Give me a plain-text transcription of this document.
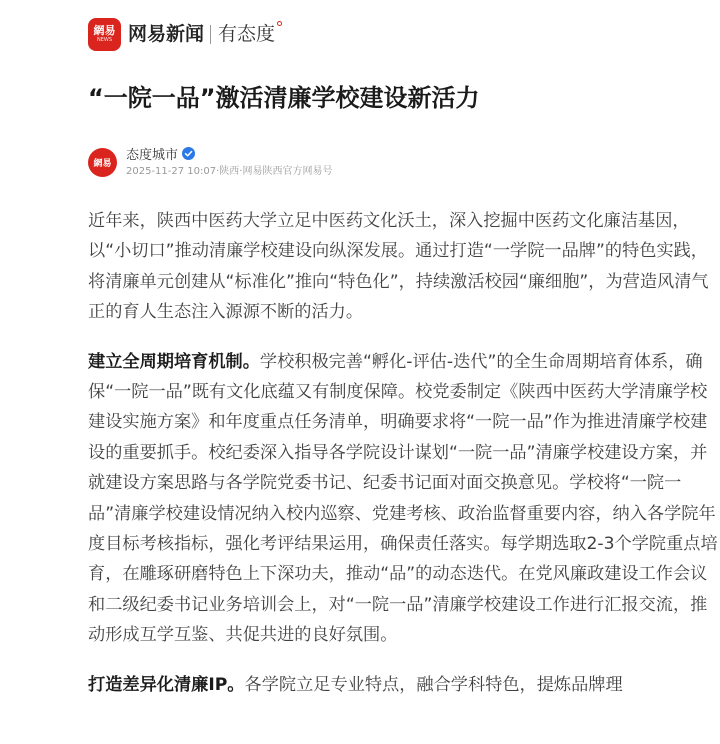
網易
NEWS 网易新闻 有态度
“一院一品”激活清廉学校建设新活力
網易
态度城市
2025-11-27 10:07·陕西·网易陕西官方网易号

近年来，陕西中医药大学立足中医药文化沃土，深入挖掘中医药文化廉洁基因，以“小切口”推动清廉学校建设向纵深发展。通过打造“一学院一品牌”的特色实践，将清廉单元创建从“标准化”推向“特色化”，持续激活校园“廉细胞”，为营造风清气正的育人生态注入源源不断的活力。

建立全周期培育机制。学校积极完善“孵化-评估-迭代”的全生命周期培育体系，确保“一院一品”既有文化底蕴又有制度保障。校党委制定《陕西中医药大学清廉学校建设实施方案》和年度重点任务清单，明确要求将“一院一品”作为推进清廉学校建设的重要抓手。校纪委深入指导各学院设计谋划“一院一品”清廉学校建设方案，并就建设方案思路与各学院党委书记、纪委书记面对面交换意见。学校将“一院一品”清廉学校建设情况纳入校内巡察、党建考核、政治监督重要内容，纳入各学院年度目标考核指标，强化考评结果运用，确保责任落实。每学期选取2-3个学院重点培育，在雕琢研磨特色上下深功夫，推动“品”的动态迭代。在党风廉政建设工作会议和二级纪委书记业务培训会上，对“一院一品”清廉学校建设工作进行汇报交流，推动形成互学互鉴、共促共进的良好氛围。

打造差异化清廉IP。各学院立足专业特点，融合学科特色，提炼品牌理
